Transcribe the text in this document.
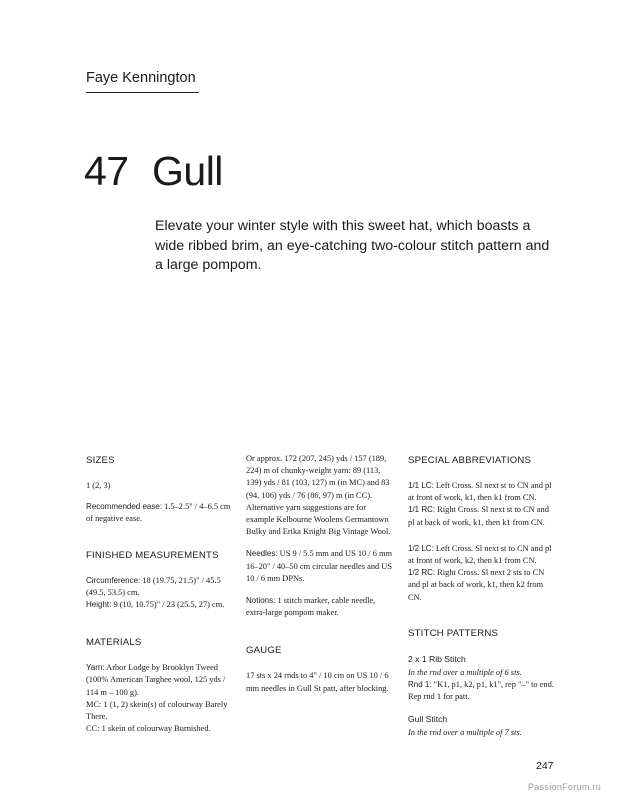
Faye Kennington
47 Gull

Elevate your winter style with this sweet hat, which boasts a wide ribbed brim, an eye-catching two-colour stitch pattern and a large pompom.

SIZES

1 (2, 3)

Recommended ease: 1.5–2.5" / 4–6.5 cm of negative ease.

FINISHED MEASUREMENTS

Circumference: 18 (19.75, 21.5)" / 45.5 (49.5, 53.5) cm.

Height: 9 (10, 10.75)" / 23 (25.5, 27) cm.

MATERIALS

Yarn: Arbor Lodge by Brooklyn Tweed (100% American Targhee wool, 125 yds / 114 m – 100 g).

MC: 1 (1, 2) skein(s) of colourway Barely There.

CC: 1 skein of colourway Burnished.

Or approx. 172 (207, 245) yds / 157 (189, 224) m of chunky-weight yarn: 89 (113, 139) yds / 81 (103, 127) m (in MC) and 83 (94, 106) yds / 76 (86, 97) m (in CC). Alternative yarn suggestions are for example Kelbourne Woolens Germantown Bulky and Erika Knight Big Vintage Wool.

Needles: US 9 / 5.5 mm and US 10 / 6 mm 16–20" / 40–50 cm circular needles and US 10 / 6 mm DPNs.

Notions: 1 stitch marker, cable needle, extra-large pompom maker.

GAUGE

17 sts x 24 rnds to 4" / 10 cm on US 10 / 6 mm needles in Gull St patt, after blocking.

SPECIAL ABBREVIATIONS

1/1 LC: Left Cross. Sl next st to CN and pl at front of work, k1, then k1 from CN.

1/1 RC: Right Cross. Sl next st to CN and pl at back of work, k1, then k1 from CN.

1/2 LC: Left Cross. Sl next st to CN and pl at front of work, k2, then k1 from CN.

1/2 RC: Right Cross. Sl next 2 sts to CN and pl at back of work, k1, then k2 from CN.

STITCH PATTERNS

2 x 1 Rib Stitch

In the rnd over a multiple of 6 sts.

Rnd 1: "K1, p1, k2, p1, k1", rep "–" to end. Rep rnd 1 for patt.

Gull Stitch

In the rnd over a multiple of 7 sts.

247
PassionForum.ru
